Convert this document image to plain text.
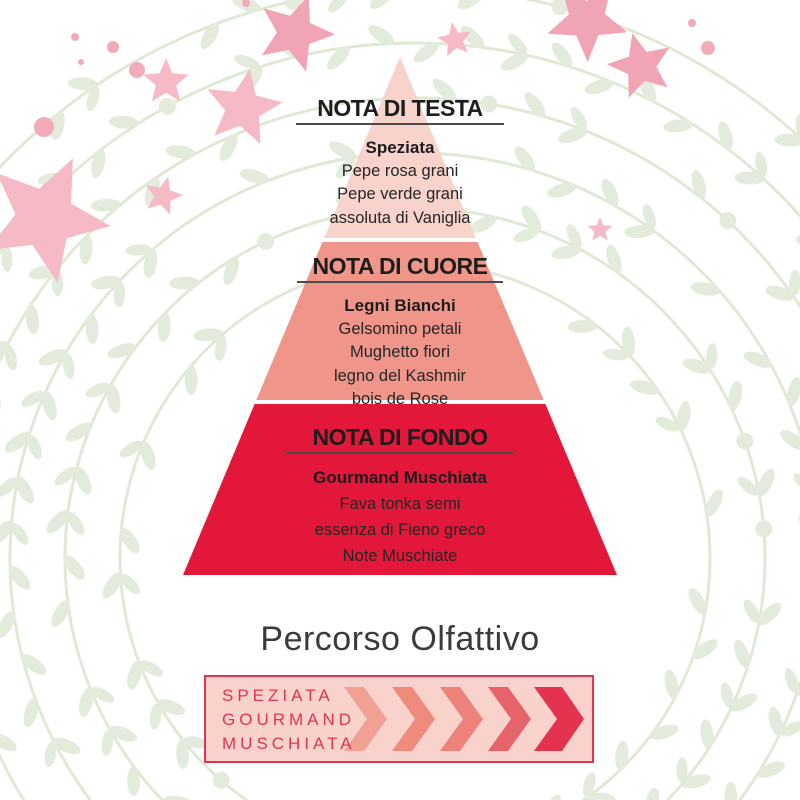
NOTA DI TESTA
Speziata
Pepe rosa grani
Pepe verde grani
assoluta di Vaniglia
NOTA DI CUORE
Legni Bianchi
Gelsomino petali
Mughetto fiori
legno del Kashmir
bois de Rose
NOTA DI FONDO
Gourmand Muschiata
Fava tonka semi
essenza di Fieno greco
Note Muschiate
Percorso Olfattivo
SPEZIATA
GOURMAND
MUSCHIATA
